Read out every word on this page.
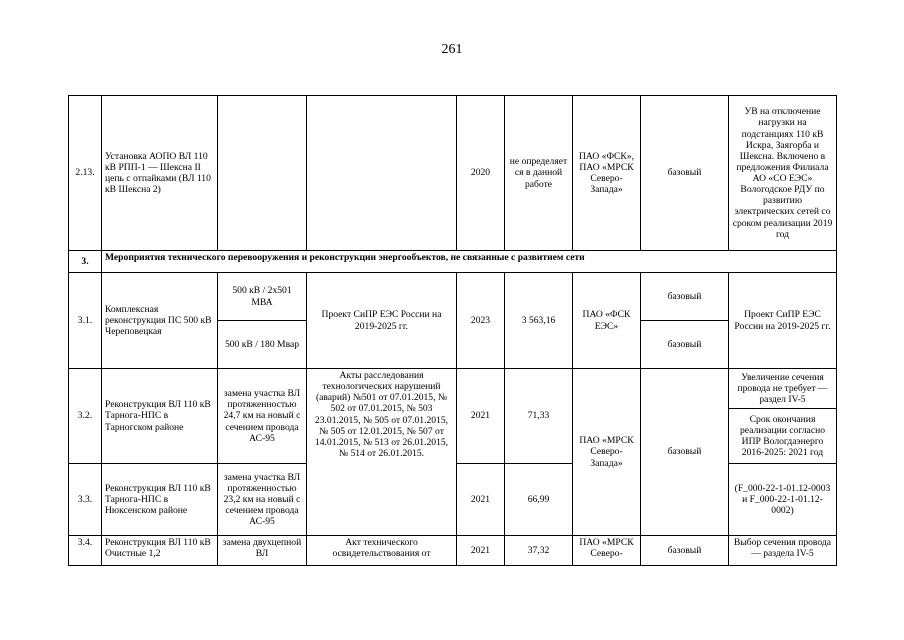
261
2.13.	Установка АОПО ВЛ 110 кВ РПП-1 — Шексна II цепь с отпайками (ВЛ 110 кВ Шексна 2)			2020	не определяет ся в данной работе	ПАО «ФСК», ПАО «МРСК Северо-Запада»	базовый	УВ на отключение нагрузки на подстанциях 110 кВ Искра, Заягорба и Шексна. Включено в предложения Филиала АО «СО ЕЭС» Вологодское РДУ по развитию электрических сетей со сроком реализации 2019 год
3.	Мероприятия технического перевооружения и реконструкции энергообъектов, не связанные с развитием сети							
3.1.	Комплексная реконструкция ПС 500 кВ Череповецкая	500 кВ / 2х501 МВА	Проект СиПР ЕЭС России на 2019-2025 гг.	2023	3 563,16	ПАО «ФСК ЕЭС»	базовый	Проект СиПР ЕЭС России на 2019-2025 гг.
		500 кВ / 180 Мвар					базовый	
3.2.	Реконструкция ВЛ 110 кВ Тарнога-НПС в Тарногском районе	замена участка ВЛ протяженностью 24,7 км на новый с сечением провода АС-95	Акты расследования технологических нарушений (аварий) №501 от 07.01.2015, № 502 от 07.01.2015, № 503 23.01.2015, № 505 от 07.01.2015, № 505 от 12.01.2015, № 507 от 14.01.2015, № 513 от 26.01.2015, № 514 от 26.01.2015.	2021	71,33	ПАО «МРСК Северо-Запада»	базовый	Увеличение сечения провода не требует — раздел IV-5
								Срок окончания реализации согласно ИПР Вологдаэнерго 2016-2025: 2021 год
3.3.	Реконструкция ВЛ 110 кВ Тарнога-НПС в Нюксенском районе	замена участка ВЛ протяженностью 23,2 км на новый с сечением провода АС-95		2021	66,99			(F_000-22-1-01.12-0003 и F_000-22-1-01.12-0002)
3.4.	Реконструкция ВЛ 110 кВ Очистные 1,2	замена двухцепной ВЛ	Акт технического освидетельствования от	2021	37,32	ПАО «МРСК Северо-	базовый	Выбор сечения провода — раздела IV-5
